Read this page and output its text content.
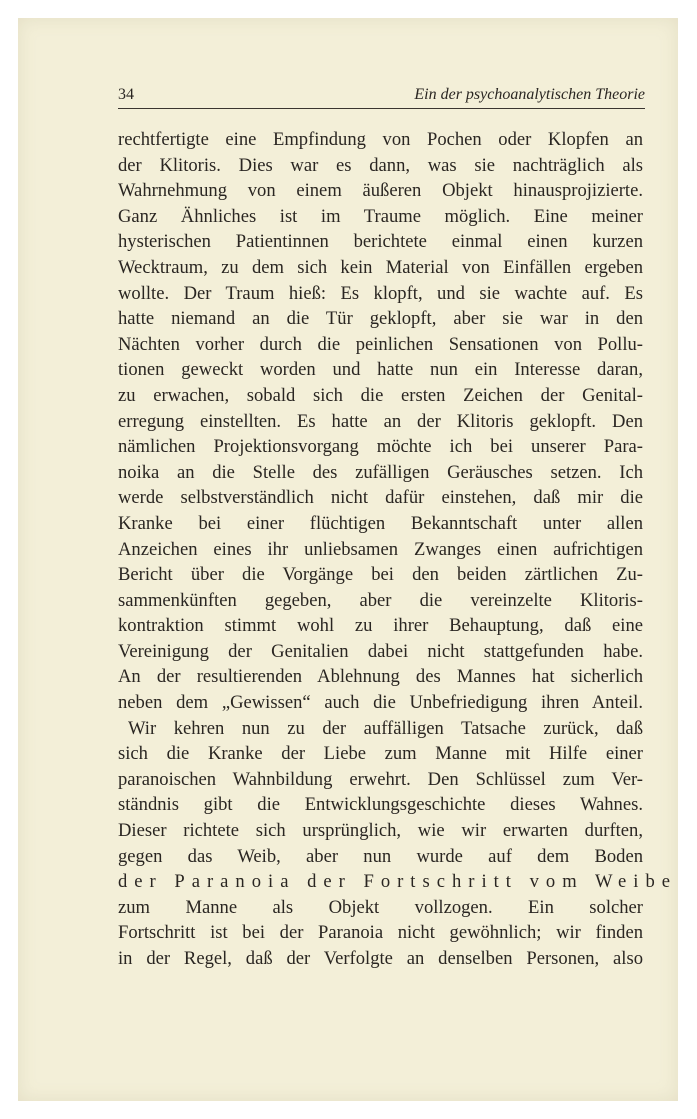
34	Ein der psychoanalytischen Theorie
rechtfertigte eine Empfindung von Pochen oder Klopfen an
der Klitoris. Dies war es dann, was sie nachträglich als
Wahrnehmung von einem äußeren Objekt hinausprojizierte.
Ganz Ähnliches ist im Traume möglich. Eine meiner
hysterischen Patientinnen berichtete einmal einen kurzen
Wecktraum, zu dem sich kein Material von Einfällen ergeben
wollte. Der Traum hieß: Es klopft, und sie wachte auf. Es
hatte niemand an die Tür geklopft, aber sie war in den
Nächten vorher durch die peinlichen Sensationen von Pollu-
tionen geweckt worden und hatte nun ein Interesse daran,
zu erwachen, sobald sich die ersten Zeichen der Genital-
erregung einstellten. Es hatte an der Klitoris geklopft. Den
nämlichen Projektionsvorgang möchte ich bei unserer Para-
noika an die Stelle des zufälligen Geräusches setzen. Ich
werde selbstverständlich nicht dafür einstehen, daß mir die
Kranke bei einer flüchtigen Bekanntschaft unter allen
Anzeichen eines ihr unliebsamen Zwanges einen aufrichtigen
Bericht über die Vorgänge bei den beiden zärtlichen Zu-
sammenkünften gegeben, aber die vereinzelte Klitoris-
kontraktion stimmt wohl zu ihrer Behauptung, daß eine
Vereinigung der Genitalien dabei nicht stattgefunden habe.
An der resultierenden Ablehnung des Mannes hat sicherlich
neben dem „Gewissen“ auch die Unbefriedigung ihren Anteil.
Wir kehren nun zu der auffälligen Tatsache zurück, daß
sich die Kranke der Liebe zum Manne mit Hilfe einer
paranoischen Wahnbildung erwehrt. Den Schlüssel zum Ver-
ständnis gibt die Entwicklungsgeschichte dieses Wahnes.
Dieser richtete sich ursprünglich, wie wir erwarten durften,
gegen das Weib, aber nun wurde auf dem Boden
der Paranoia der Fortschritt vom Weibe
zum Manne als Objekt vollzogen. Ein solcher
Fortschritt ist bei der Paranoia nicht gewöhnlich; wir finden
in der Regel, daß der Verfolgte an denselben Personen, also
